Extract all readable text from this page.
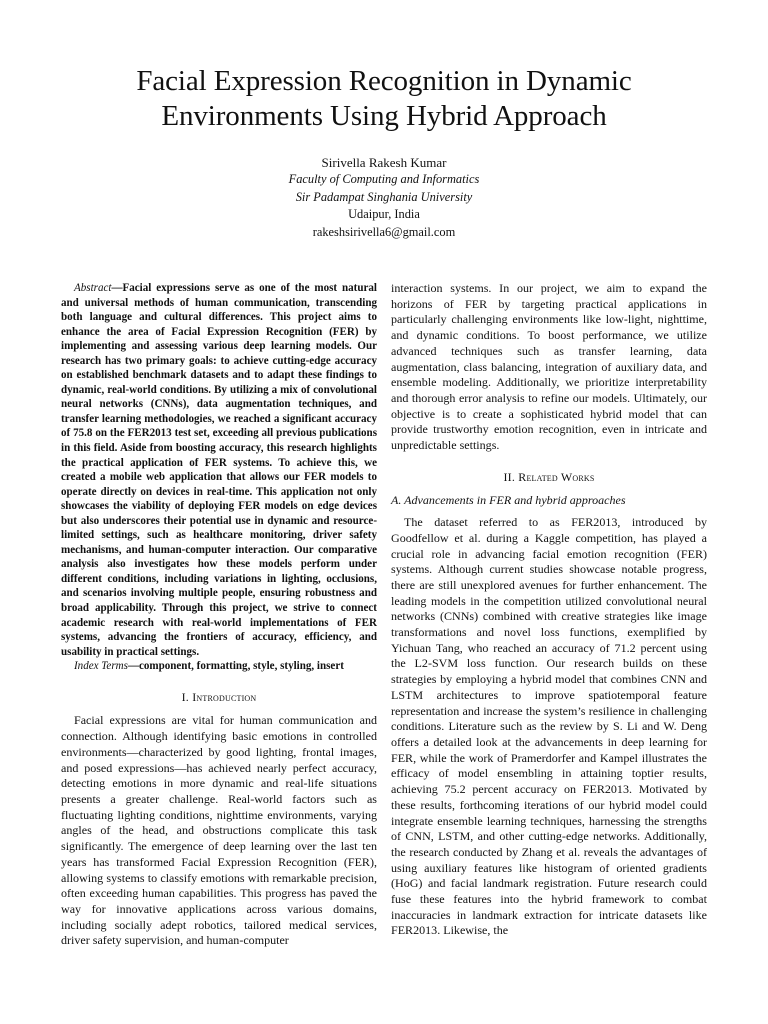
Facial Expression Recognition in Dynamic Environments Using Hybrid Approach
Sirivella Rakesh Kumar
Faculty of Computing and Informatics
Sir Padampat Singhania University
Udaipur, India
rakeshsirivella6@gmail.com

Abstract—Facial expressions serve as one of the most natural and universal methods of human communication, transcending both language and cultural differences. This project aims to enhance the area of Facial Expression Recognition (FER) by implementing and assessing various deep learning models. Our research has two primary goals: to achieve cutting-edge accuracy on established benchmark datasets and to adapt these findings to dynamic, real-world conditions. By utilizing a mix of convolutional neural networks (CNNs), data augmentation techniques, and transfer learning methodologies, we reached a significant accuracy of 75.8 on the FER2013 test set, exceeding all previous publications in this field. Aside from boosting accuracy, this research highlights the practical application of FER systems. To achieve this, we created a mobile web application that allows our FER models to operate directly on devices in real-time. This application not only showcases the viability of deploying FER models on edge devices but also underscores their potential use in dynamic and resource-limited settings, such as healthcare monitoring, driver safety mechanisms, and human-computer interaction. Our comparative analysis also investigates how these models perform under different conditions, including variations in lighting, occlusions, and scenarios involving multiple people, ensuring robustness and broad applicability. Through this project, we strive to connect academic research with real-world implementations of FER systems, advancing the frontiers of accuracy, efficiency, and usability in practical settings.

Index Terms—component, formatting, style, styling, insert

I. Introduction

Facial expressions are vital for human communication and connection. Although identifying basic emotions in controlled environments—characterized by good lighting, frontal images, and posed expressions—has achieved nearly perfect accuracy, detecting emotions in more dynamic and real-life situations presents a greater challenge. Real-world factors such as fluctuating lighting conditions, nighttime environments, varying angles of the head, and obstructions complicate this task significantly. The emergence of deep learning over the last ten years has transformed Facial Expression Recognition (FER), allowing systems to classify emotions with remarkable precision, often exceeding human capabilities. This progress has paved the way for innovative applications across various domains, including socially adept robotics, tailored medical services, driver safety supervision, and human-computer

interaction systems. In our project, we aim to expand the horizons of FER by targeting practical applications in particularly challenging environments like low-light, nighttime, and dynamic conditions. To boost performance, we utilize advanced techniques such as transfer learning, data augmentation, class balancing, integration of auxiliary data, and ensemble modeling. Additionally, we prioritize interpretability and thorough error analysis to refine our models. Ultimately, our objective is to create a sophisticated hybrid model that can provide trustworthy emotion recognition, even in intricate and unpredictable settings.

II. Related Works
A. Advancements in FER and hybrid approaches

The dataset referred to as FER2013, introduced by Goodfellow et al. during a Kaggle competition, has played a crucial role in advancing facial emotion recognition (FER) systems. Although current studies showcase notable progress, there are still unexplored avenues for further enhancement. The leading models in the competition utilized convolutional neural networks (CNNs) combined with creative strategies like image transformations and novel loss functions, exemplified by Yichuan Tang, who reached an accuracy of 71.2 percent using the L2-SVM loss function. Our research builds on these strategies by employing a hybrid model that combines CNN and LSTM architectures to improve spatiotemporal feature representation and increase the system’s resilience in challenging conditions. Literature such as the review by S. Li and W. Deng offers a detailed look at the advancements in deep learning for FER, while the work of Pramerdorfer and Kampel illustrates the efficacy of model ensembling in attaining toptier results, achieving 75.2 percent accuracy on FER2013. Motivated by these results, forthcoming iterations of our hybrid model could integrate ensemble learning techniques, harnessing the strengths of CNN, LSTM, and other cutting-edge networks. Additionally, the research conducted by Zhang et al. reveals the advantages of using auxiliary features like histogram of oriented gradients (HoG) and facial landmark registration. Future research could fuse these features into the hybrid framework to combat inaccuracies in landmark extraction for intricate datasets like FER2013. Likewise, the
